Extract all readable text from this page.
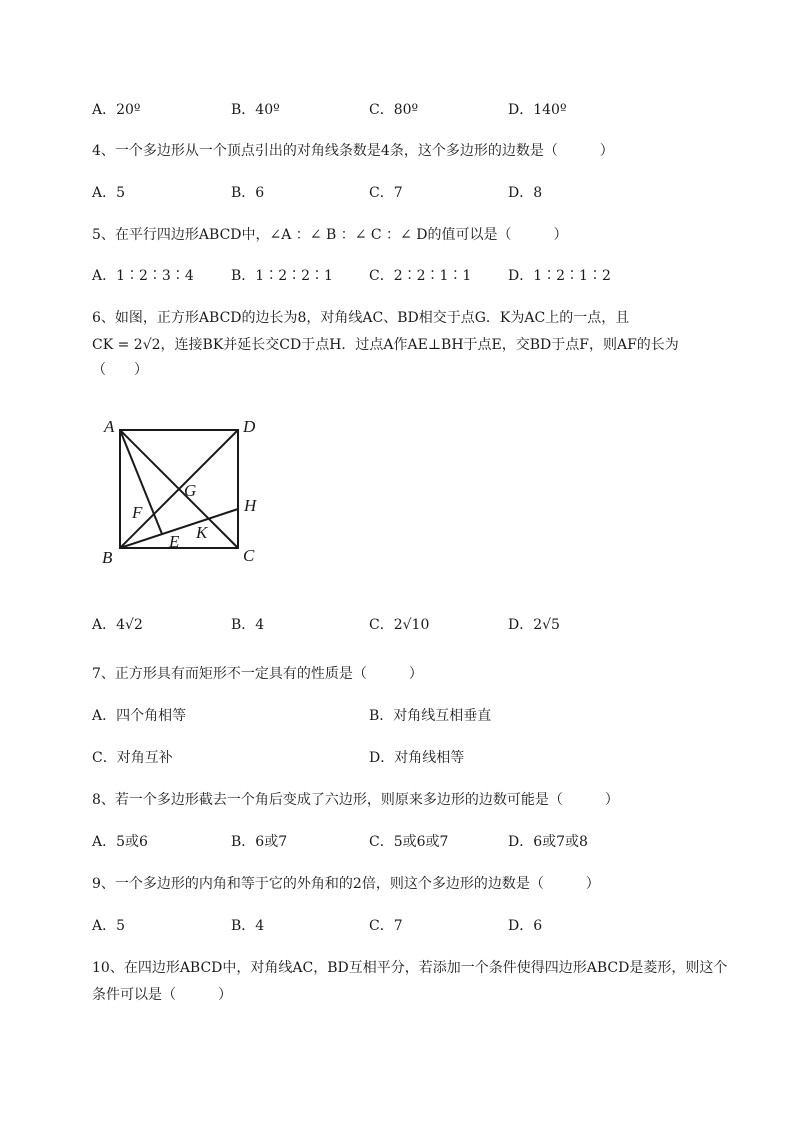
A．20º	B．40º	C．80º	D．140º
4、一个多边形从一个顶点引出的对角线条数是4条，这个多边形的边数是（　　　）
A．5	B．6	C．7	D．8
5、在平行四边形ABCD中，∠A ：∠ B ：∠ C ：∠ D的值可以是（　　　）
A．1∶2∶3∶4	B．1∶2∶2∶1	C．2∶2∶1∶1	D．1∶2∶1∶2
6、如图，正方形ABCD的边长为8，对角线AC、BD相交于点G．K为AC上的一点，且
CK = 2√2，连接BK并延长交CD于点H．过点A作AE⊥BH于点E，交BD于点F，则AF的长为
（　　）
A	D
B	C
H
G
F
E K
A．4√2	B．4	C．2√10	D．2√5
7、正方形具有而矩形不一定具有的性质是（　　　）
A．四个角相等	B．对角线互相垂直
C．对角互补	D．对角线相等
8、若一个多边形截去一个角后变成了六边形，则原来多边形的边数可能是（　　　）
A．5或6	B．6或7	C．5或6或7	D．6或7或8
9、一个多边形的内角和等于它的外角和的2倍，则这个多边形的边数是（　　　）
A．5	B．4	C．7	D．6
10、在四边形ABCD中，对角线AC，BD互相平分，若添加一个条件使得四边形ABCD是菱形，则这个
条件可以是（　　　）
